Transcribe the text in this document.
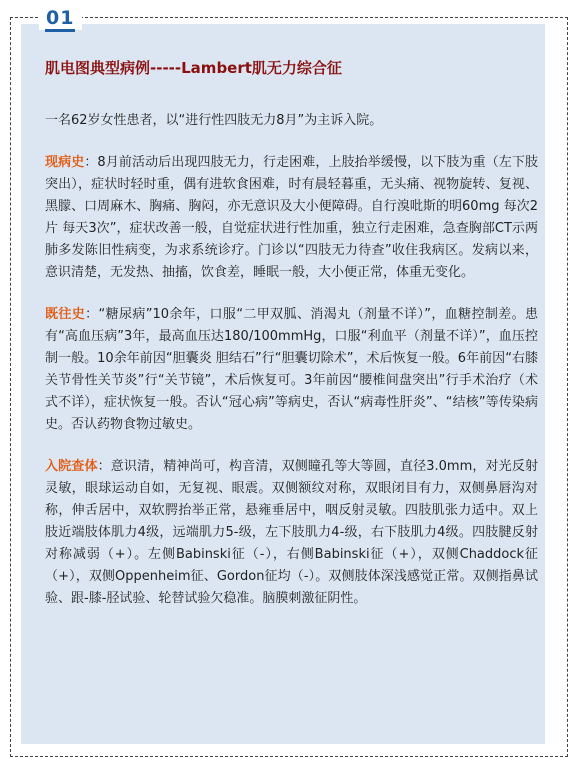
01
肌电图典型病例-----Lambert肌无力综合征

一名62岁女性患者，以“进行性四肢无力8月”为主诉入院。

现病史：8月前活动后出现四肢无力，行走困难，上肢抬举缓慢，以下肢为重（左下肢突出），症状时轻时重，偶有进软食困难，时有晨轻暮重，无头痛、视物旋转、复视、黑朦、口周麻木、胸痛、胸闷，亦无意识及大小便障碍。自行溴吡斯的明60mg 每次2片 每天3次”，症状改善一般，自觉症状进行性加重，独立行走困难，急查胸部CT示两肺多发陈旧性病变，为求系统诊疗。门诊以“四肢无力待查”收住我病区。发病以来，意识清楚，无发热、抽搐，饮食差，睡眠一般，大小便正常，体重无变化。

既往史：“糖尿病”10余年，口服“二甲双胍、消渴丸（剂量不详）”，血糖控制差。患有“高血压病”3年，最高血压达180/100mmHg，口服“利血平（剂量不详）”，血压控制一般。10余年前因“胆囊炎 胆结石”行“胆囊切除术”，术后恢复一般。6年前因“右膝关节骨性关节炎”行“关节镜”，术后恢复可。3年前因“腰椎间盘突出”行手术治疗（术式不详），症状恢复一般。否认“冠心病”等病史，否认“病毒性肝炎”、“结核”等传染病史。否认药物食物过敏史。

入院查体：意识清，精神尚可，构音清，双侧瞳孔等大等圆，直径3.0mm，对光反射灵敏，眼球运动自如，无复视、眼震。双侧额纹对称，双眼闭目有力，双侧鼻唇沟对称，伸舌居中，双软腭抬举正常，悬雍垂居中，咽反射灵敏。四肢肌张力适中。双上肢近端肢体肌力4级，远端肌力5-级，左下肢肌力4-级，右下肢肌力4级。四肢腱反射对称减弱（+）。左侧Babinski征（-），右侧Babinski征（+），双侧Chaddock征（+），双侧Oppenheim征、Gordon征均（-）。双侧肢体深浅感觉正常。双侧指鼻试验、跟-膝-胫试验、轮替试验欠稳准。脑膜刺激征阴性。
